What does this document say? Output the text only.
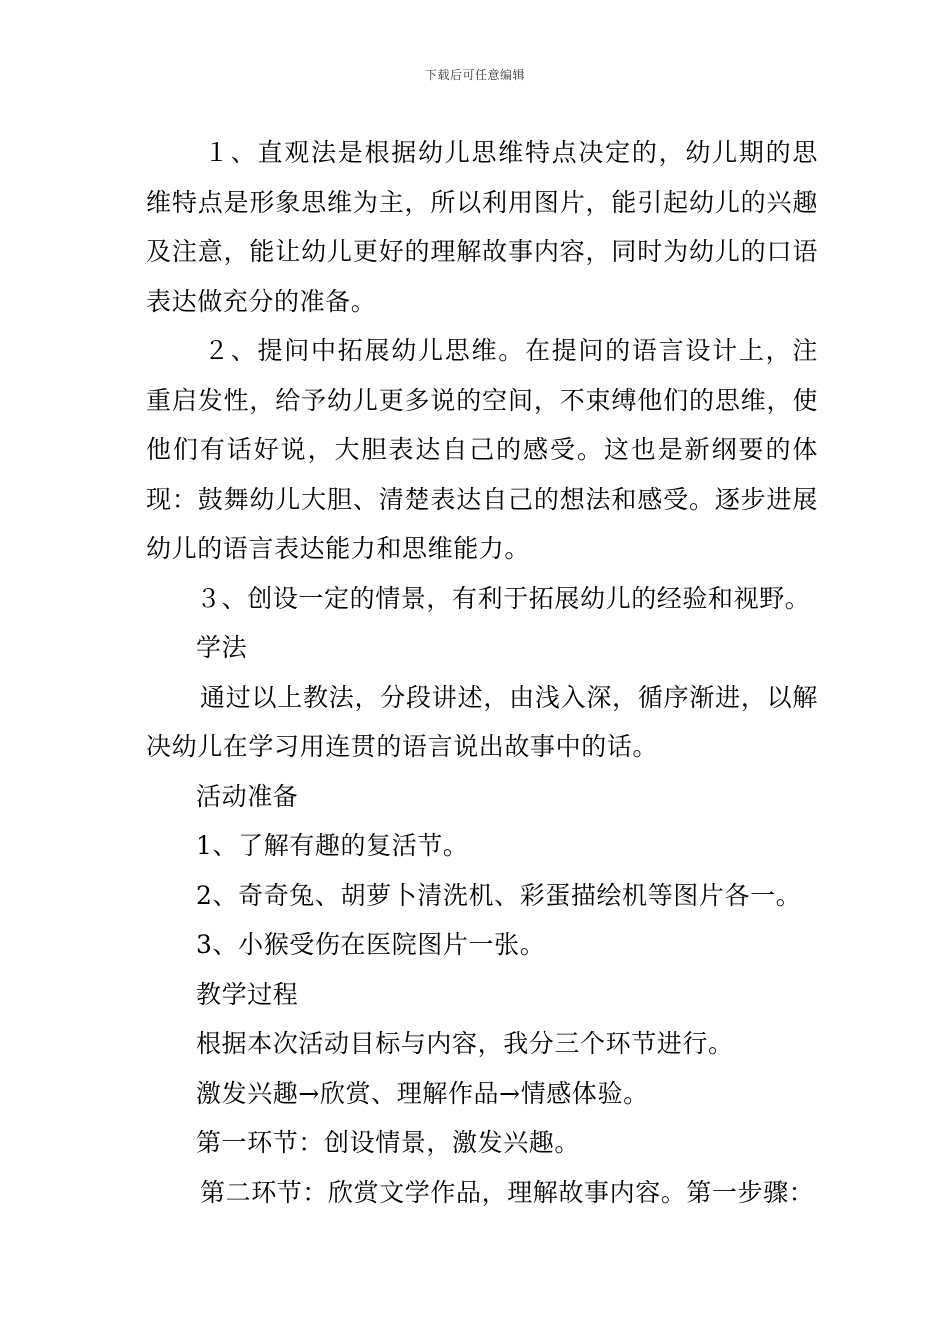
下载后可任意编辑

１、直观法是根据幼儿思维特点决定的，幼儿期的思维特点是形象思维为主，所以利用图片，能引起幼儿的兴趣及注意，能让幼儿更好的理解故事内容，同时为幼儿的口语表达做充分的准备。

２、提问中拓展幼儿思维。在提问的语言设计上，注重启发性，给予幼儿更多说的空间，不束缚他们的思维，使他们有话好说，大胆表达自己的感受。这也是新纲要的体现：鼓舞幼儿大胆、清楚表达自己的想法和感受。逐步进展幼儿的语言表达能力和思维能力。

３、创设一定的情景，有利于拓展幼儿的经验和视野。

学法

通过以上教法，分段讲述，由浅入深，循序渐进，以解决幼儿在学习用连贯的语言说出故事中的话。

活动准备

1、了解有趣的复活节。

2、奇奇兔、胡萝卜清洗机、彩蛋描绘机等图片各一。

3、小猴受伤在医院图片一张。

教学过程

根据本次活动目标与内容，我分三个环节进行。

激发兴趣→欣赏、理解作品→情感体验。

第一环节：创设情景，激发兴趣。

第二环节：欣赏文学作品，理解故事内容。第一步骤：
